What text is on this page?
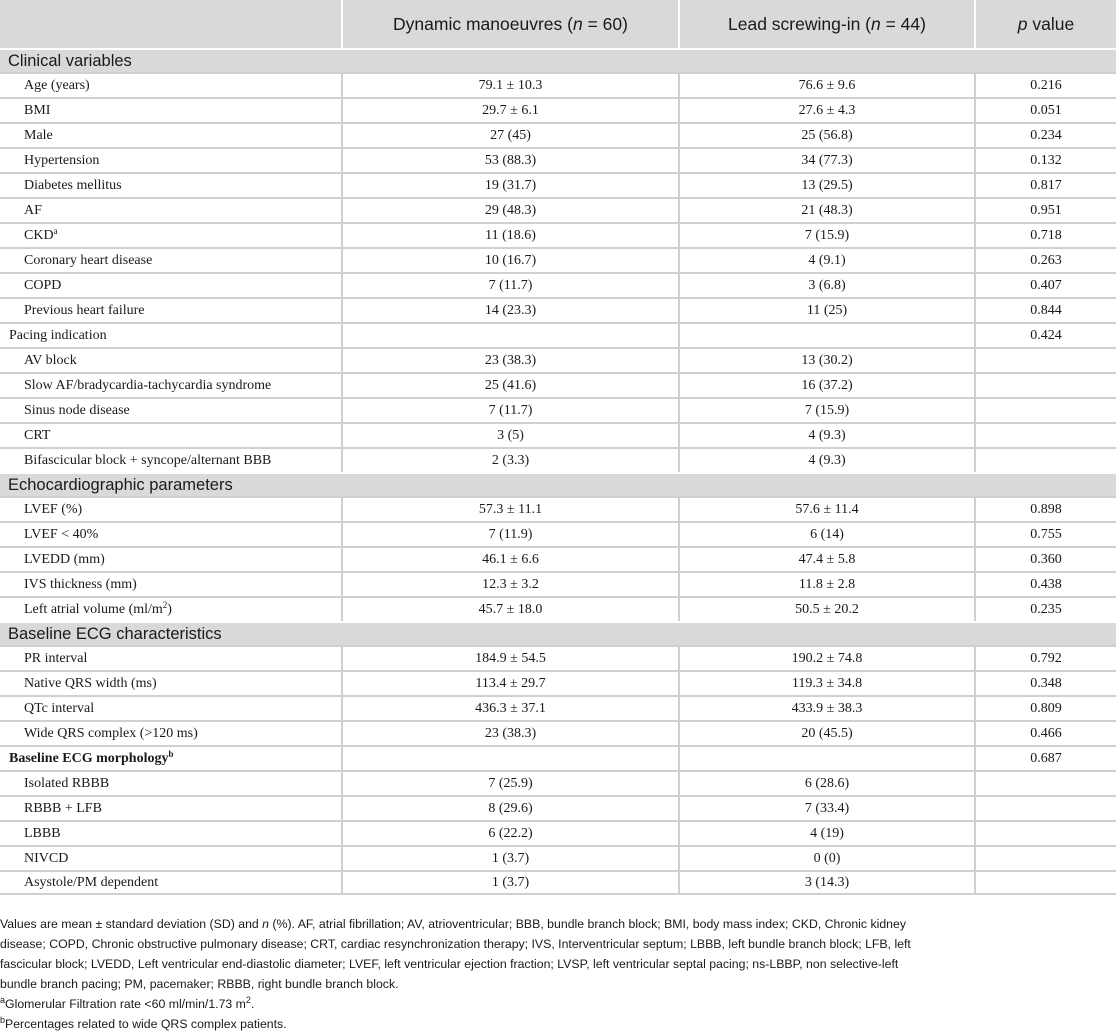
	Dynamic manoeuvres (n = 60)	Lead screwing-in (n = 44)	p value
Clinical variables			
Age (years)	79.1 ± 10.3	76.6 ± 9.6	0.216
BMI	29.7 ± 6.1	27.6 ± 4.3	0.051
Male	27 (45)	25 (56.8)	0.234
Hypertension	53 (88.3)	34 (77.3)	0.132
Diabetes mellitus	19 (31.7)	13 (29.5)	0.817
AF	29 (48.3)	21 (48.3)	0.951
CKD$^a$	11 (18.6)	7 (15.9)	0.718
Coronary heart disease	10 (16.7)	4 (9.1)	0.263
COPD	7 (11.7)	3 (6.8)	0.407
Previous heart failure	14 (23.3)	11 (25)	0.844
Pacing indication			0.424
AV block	23 (38.3)	13 (30.2)	
Slow AF/bradycardia-tachycardia syndrome	25 (41.6)	16 (37.2)	
Sinus node disease	7 (11.7)	7 (15.9)	
CRT	3 (5)	4 (9.3)	
Bifascicular block + syncope/alternant BBB	2 (3.3)	4 (9.3)	
Echocardiographic parameters			
LVEF (%)	57.3 ± 11.1	57.6 ± 11.4	0.898
LVEF < 40%	7 (11.9)	6 (14)	0.755
LVEDD (mm)	46.1 ± 6.6	47.4 ± 5.8	0.360
IVS thickness (mm)	12.3 ± 3.2	11.8 ± 2.8	0.438
Left atrial volume $(ml/m^2)$	45.7 ± 18.0	50.5 ± 20.2	0.235
Baseline ECG characteristics			
PR interval	184.9 ± 54.5	190.2 ± 74.8	0.792
Native QRS width (ms)	113.4 ± 29.7	119.3 ± 34.8	0.348
QTc interval	436.3 ± 37.1	433.9 ± 38.3	0.809
Wide QRS complex (>120 ms)	23 (38.3)	20 (45.5)	0.466
Baseline ECG morphology$^b$			0.687
Isolated RBBB	7 (25.9)	6 (28.6)	
RBBB + LFB	8 (29.6)	7 (33.4)	
LBBB	6 (22.2)	4 (19)	
NIVCD	1 (3.7)	0 (0)	
Asystole/PM dependent	1 (3.7)	3 (14.3)	

Values are mean ± standard deviation (SD) and n (%). AF, atrial fibrillation; AV, atrioventricular; BBB, bundle branch block; BMI, body mass index; CKD, Chronic kidney

disease; COPD, Chronic obstructive pulmonary disease; CRT, cardiac resynchronization therapy; IVS, Interventricular septum; LBBB, left bundle branch block; LFB, left

fascicular block; LVEDD, Left ventricular end-diastolic diameter; LVEF, left ventricular ejection fraction; LVSP, left ventricular septal pacing; ns-LBBP, non selective-left

bundle branch pacing; PM, pacemaker; RBBB, right bundle branch block.

$^a$Glomerular Filtration rate <60 ml/min/1.73 $m^2$.

$^b$Percentages related to wide QRS complex patients.
